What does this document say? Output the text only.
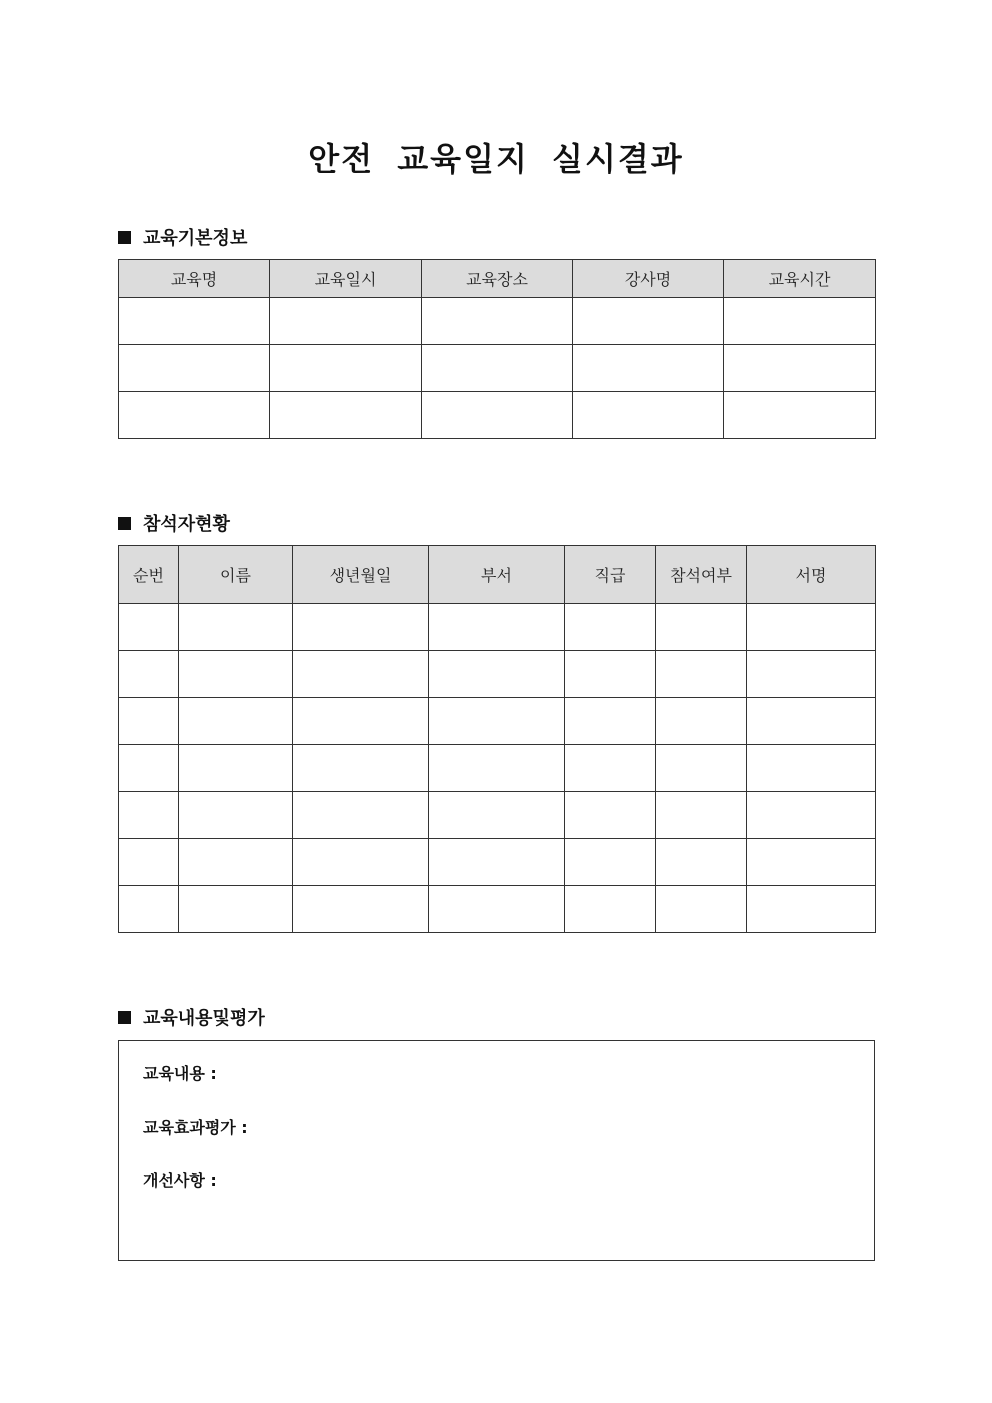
안전 교육일지 실시결과
교육기본정보
교육명	교육일시	교육장소	강사명	교육시간

참석자현황
순번	이름	생년월일	부서	직급	참석여부	서명

교육내용및평가
교육내용 :
교육효과평가 :
개선사항 :
